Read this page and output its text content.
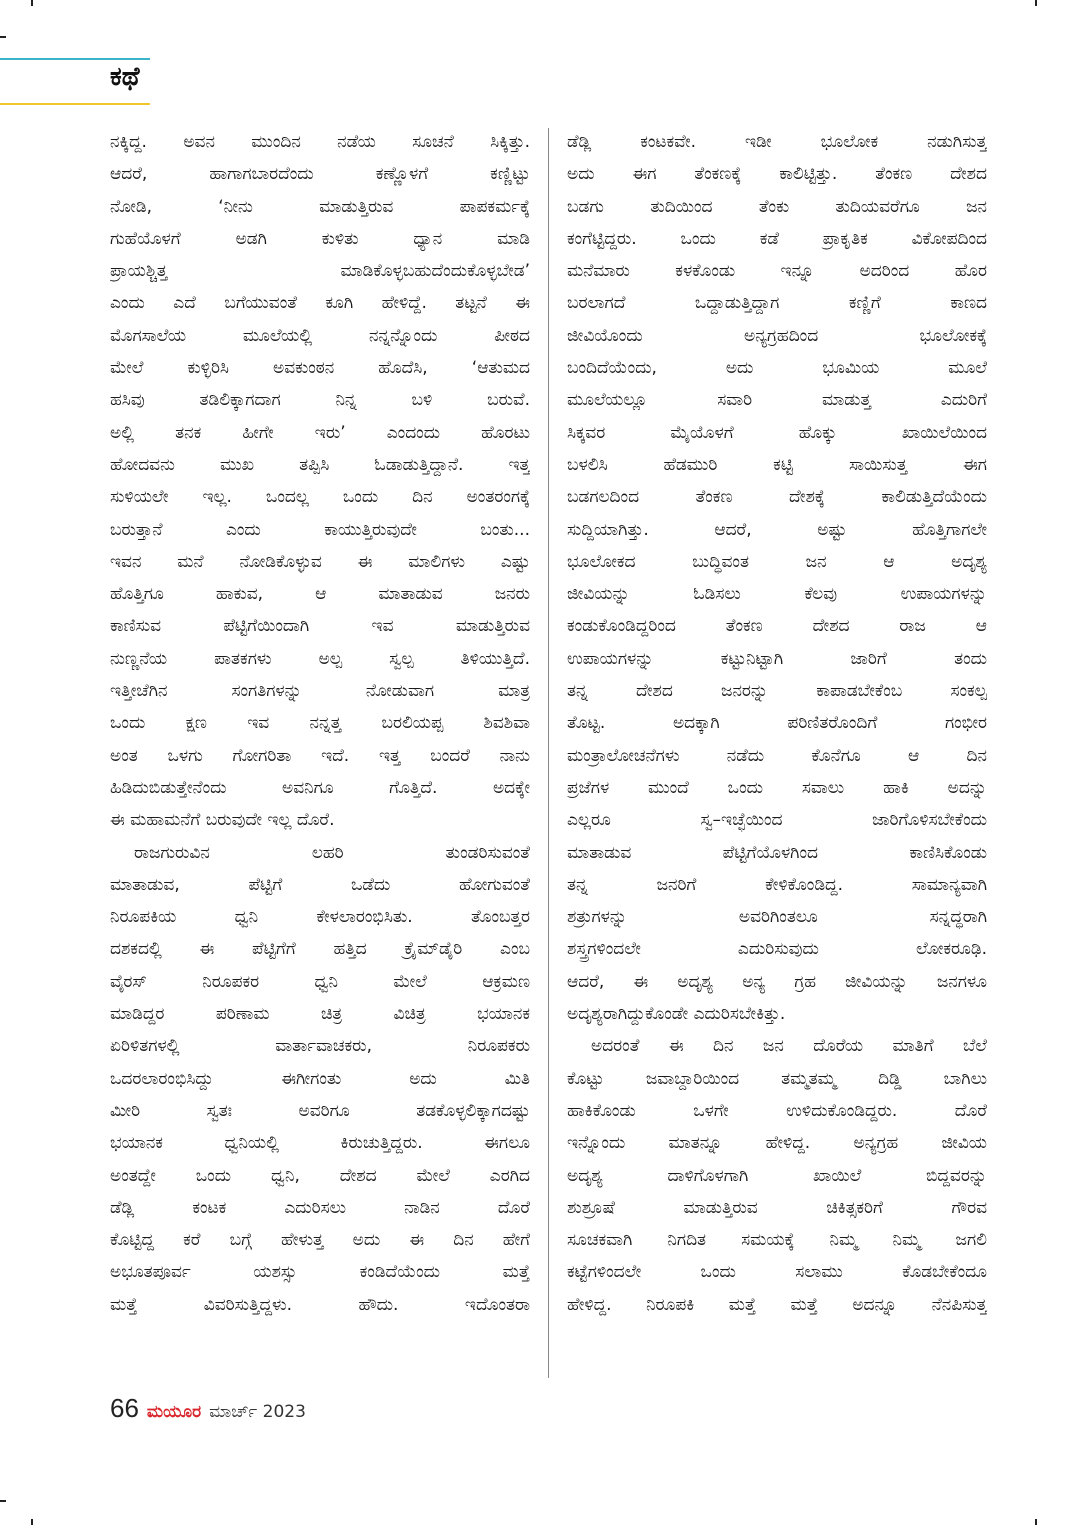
ಕಥೆ
ನಕ್ಕಿದ್ದ. ಅವನ ಮುಂದಿನ ನಡೆಯ ಸೂಚನೆ ಸಿಕ್ಕಿತ್ತು.
ಆದರೆ, ಹಾಗಾಗಬಾರದೆಂದು ಕಣ್ಣೊಳಗೆ ಕಣ್ಣಿಟ್ಟು
ನೋಡಿ, ‘ನೀನು ಮಾಡುತ್ತಿರುವ ಪಾಪಕರ್ಮಕ್ಕೆ
ಗುಹೆಯೊಳಗೆ ಅಡಗಿ ಕುಳಿತು ಧ್ಯಾನ ಮಾಡಿ
ಪ್ರಾಯಶ್ಚಿತ್ತ ಮಾಡಿಕೊಳ್ಳಬಹುದೆಂದುಕೊಳ್ಳಬೇಡ’
ಎಂದು ಎದೆ ಬಗೆಯುವಂತೆ ಕೂಗಿ ಹೇಳಿದ್ದೆ. ತಟ್ಟನೆ ಈ
ಮೊಗಸಾಲೆಯ ಮೂಲೆಯಲ್ಲಿ ನನ್ನನ್ನೊಂದು ಪೀಠದ
ಮೇಲೆ ಕುಳ್ಳಿರಿಸಿ ಅವಕುಂಠನ ಹೊದೆಸಿ, ‘ಆತುಮದ
ಹಸಿವು ತಡಿಲಿಕ್ಕಾಗದಾಗ ನಿನ್ನ ಬಳಿ ಬರುವೆ.
ಅಲ್ಲಿ ತನಕ ಹೀಗೇ ಇರು’ ಎಂದಂದು ಹೊರಟು
ಹೋದವನು ಮುಖ ತಪ್ಪಿಸಿ ಓಡಾಡುತ್ತಿದ್ದಾನೆ. ಇತ್ತ
ಸುಳಿಯಲೇ ಇಲ್ಲ. ಒಂದಲ್ಲ ಒಂದು ದಿನ ಅಂತರಂಗಕ್ಕೆ
ಬರುತ್ತಾನೆ ಎಂದು ಕಾಯುತ್ತಿರುವುದೇ ಬಂತು...
ಇವನ ಮನೆ ನೋಡಿಕೊಳ್ಳುವ ಈ ಮಾಲಿಗಳು ಎಷ್ಟು
ಹೊತ್ತಿಗೂ ಹಾಕುವ, ಆ ಮಾತಾಡುವ ಜನರು
ಕಾಣಿಸುವ ಪೆಟ್ಟಿಗೆಯಿಂದಾಗಿ ಇವ ಮಾಡುತ್ತಿರುವ
ನುಣ್ಣನೆಯ ಪಾತಕಗಳು ಅಲ್ಪ ಸ್ವಲ್ಪ ತಿಳಿಯುತ್ತಿದೆ.
ಇತ್ತೀಚೆಗಿನ ಸಂಗತಿಗಳನ್ನು ನೋಡುವಾಗ ಮಾತ್ರ
ಒಂದು ಕ್ಷಣ ಇವ ನನ್ನತ್ತ ಬರಲಿಯಪ್ಪ ಶಿವಶಿವಾ
ಅಂತ ಒಳಗು ಗೋಗರಿತಾ ಇದೆ. ಇತ್ತ ಬಂದರೆ ನಾನು
ಹಿಡಿದುಬಿಡುತ್ತೇನೆಂದು ಅವನಿಗೂ ಗೊತ್ತಿದೆ. ಅದಕ್ಕೇ
ಈ ಮಹಾಮನೆಗೆ ಬರುವುದೇ ಇಲ್ಲ ದೊರೆ.
ರಾಜಗುರುವಿನ ಲಹರಿ ತುಂಡರಿಸುವಂತೆ
ಮಾತಾಡುವ, ಪೆಟ್ಟಿಗೆ ಒಡೆದು ಹೋಗುವಂತೆ
ನಿರೂಪಕಿಯ ಧ್ವನಿ ಕೇಳಲಾರಂಭಿಸಿತು. ತೊಂಬತ್ತರ
ದಶಕದಲ್ಲಿ ಈ ಪೆಟ್ಟಿಗೆಗೆ ಹತ್ತಿದ ಕ್ರೈಮ್‌ಡೈರಿ ಎಂಬ
ವೈರಸ್ ನಿರೂಪಕರ ಧ್ವನಿ ಮೇಲೆ ಆಕ್ರಮಣ
ಮಾಡಿದ್ದರ ಪರಿಣಾಮ ಚಿತ್ರ ವಿಚಿತ್ರ ಭಯಾನಕ
ಏರಿಳಿತಗಳಲ್ಲಿ ವಾರ್ತಾವಾಚಕರು, ನಿರೂಪಕರು
ಒದರಲಾರಂಭಿಸಿದ್ದು ಈಗೀಗಂತು ಅದು ಮಿತಿ
ಮೀರಿ ಸ್ವತಃ ಅವರಿಗೂ ತಡಕೊಳ್ಳಲಿಕ್ಕಾಗದಷ್ಟು
ಭಯಾನಕ ಧ್ವನಿಯಲ್ಲಿ ಕಿರುಚುತ್ತಿದ್ದರು. ಈಗಲೂ
ಅಂತದ್ದೇ ಒಂದು ಧ್ವನಿ, ದೇಶದ ಮೇಲೆ ಎರಗಿದ
ಡೆಡ್ಲಿ ಕಂಟಕ ಎದುರಿಸಲು ನಾಡಿನ ದೊರೆ
ಕೊಟ್ಟಿದ್ದ ಕರೆ ಬಗ್ಗೆ ಹೇಳುತ್ತ ಅದು ಈ ದಿನ ಹೇಗೆ
ಅಭೂತಪೂರ್ವ ಯಶಸ್ಸು ಕಂಡಿದೆಯೆಂದು ಮತ್ತೆ
ಮತ್ತೆ ವಿವರಿಸುತ್ತಿದ್ದಳು. ಹೌದು. ಇದೊಂತರಾ
ಡೆಡ್ಲಿ ಕಂಟಕವೇ. ಇಡೀ ಭೂಲೋಕ ನಡುಗಿಸುತ್ತ
ಅದು ಈಗ ತೆಂಕಣಕ್ಕೆ ಕಾಲಿಟ್ಟಿತ್ತು. ತೆಂಕಣ ದೇಶದ
ಬಡಗು ತುದಿಯಿಂದ ತೆಂಕು ತುದಿಯವರೆಗೂ ಜನ
ಕಂಗೆಟ್ಟಿದ್ದರು. ಒಂದು ಕಡೆ ಪ್ರಾಕೃತಿಕ ವಿಕೋಪದಿಂದ
ಮನೆಮಾರು ಕಳಕೊಂಡು ಇನ್ನೂ ಅದರಿಂದ ಹೊರ
ಬರಲಾಗದೆ ಒದ್ದಾಡುತ್ತಿದ್ದಾಗ ಕಣ್ಣಿಗೆ ಕಾಣದ
ಜೀವಿಯೊಂದು ಅನ್ಯಗ್ರಹದಿಂದ ಭೂಲೋಕಕ್ಕೆ
ಬಂದಿದೆಯೆಂದು, ಅದು ಭೂಮಿಯ ಮೂಲೆ
ಮೂಲೆಯಲ್ಲೂ ಸವಾರಿ ಮಾಡುತ್ತ ಎದುರಿಗೆ
ಸಿಕ್ಕವರ ಮೈಯೊಳಗೆ ಹೊಕ್ಕು ಖಾಯಿಲೆಯಿಂದ
ಬಳಲಿಸಿ ಹೆಡಮುರಿ ಕಟ್ಟಿ ಸಾಯಿಸುತ್ತ ಈಗ
ಬಡಗಲದಿಂದ ತೆಂಕಣ ದೇಶಕ್ಕೆ ಕಾಲಿಡುತ್ತಿದೆಯೆಂದು
ಸುದ್ದಿಯಾಗಿತ್ತು. ಆದರೆ, ಅಷ್ಟು ಹೊತ್ತಿಗಾಗಲೇ
ಭೂಲೋಕದ ಬುದ್ಧಿವಂತ ಜನ ಆ ಅದೃಶ್ಯ
ಜೀವಿಯನ್ನು ಓಡಿಸಲು ಕೆಲವು ಉಪಾಯಗಳನ್ನು
ಕಂಡುಕೊಂಡಿದ್ದರಿಂದ ತೆಂಕಣ ದೇಶದ ರಾಜ ಆ
ಉಪಾಯಗಳನ್ನು ಕಟ್ಟುನಿಟ್ಟಾಗಿ ಜಾರಿಗೆ ತಂದು
ತನ್ನ ದೇಶದ ಜನರನ್ನು ಕಾಪಾಡಬೇಕೆಂಬ ಸಂಕಲ್ಪ
ತೊಟ್ಟ. ಅದಕ್ಕಾಗಿ ಪರಿಣಿತರೊಂದಿಗೆ ಗಂಭೀರ
ಮಂತ್ರಾಲೋಚನೆಗಳು ನಡೆದು ಕೊನೆಗೂ ಆ ದಿನ
ಪ್ರಜೆಗಳ ಮುಂದೆ ಒಂದು ಸವಾಲು ಹಾಕಿ ಅದನ್ನು
ಎಲ್ಲರೂ ಸ್ವ–ಇಚ್ಛೆಯಿಂದ ಜಾರಿಗೊಳಿಸಬೇಕೆಂದು
ಮಾತಾಡುವ ಪೆಟ್ಟಿಗೆಯೊಳಗಿಂದ ಕಾಣಿಸಿಕೊಂಡು
ತನ್ನ ಜನರಿಗೆ ಕೇಳಿಕೊಂಡಿದ್ದ. ಸಾಮಾನ್ಯವಾಗಿ
ಶತ್ರುಗಳನ್ನು ಅವರಿಗಿಂತಲೂ ಸನ್ನದ್ಧರಾಗಿ
ಶಸ್ತ್ರಗಳಿಂದಲೇ ಎದುರಿಸುವುದು ಲೋಕರೂಢಿ.
ಆದರೆ, ಈ ಅದೃಶ್ಯ ಅನ್ಯ ಗ್ರಹ ಜೀವಿಯನ್ನು ಜನಗಳೂ
ಅದೃಶ್ಯರಾಗಿದ್ದುಕೊಂಡೇ ಎದುರಿಸಬೇಕಿತ್ತು.
ಅದರಂತೆ ಈ ದಿನ ಜನ ದೊರೆಯ ಮಾತಿಗೆ ಬೆಲೆ
ಕೊಟ್ಟು ಜವಾಬ್ದಾರಿಯಿಂದ ತಮ್ಮತಮ್ಮ ದಿಡ್ಡಿ ಬಾಗಿಲು
ಹಾಕಿಕೊಂಡು ಒಳಗೇ ಉಳಿದುಕೊಂಡಿದ್ದರು. ದೊರೆ
ಇನ್ನೊಂದು ಮಾತನ್ನೂ ಹೇಳಿದ್ದ. ಅನ್ಯಗ್ರಹ ಜೀವಿಯ
ಅದೃಶ್ಯ ದಾಳಿಗೊಳಗಾಗಿ ಖಾಯಿಲೆ ಬಿದ್ದವರನ್ನು
ಶುಶ್ರೂಷೆ ಮಾಡುತ್ತಿರುವ ಚಿಕಿತ್ಸಕರಿಗೆ ಗೌರವ
ಸೂಚಕವಾಗಿ ನಿಗದಿತ ಸಮಯಕ್ಕೆ ನಿಮ್ಮ ನಿಮ್ಮ ಜಗಲಿ
ಕಟ್ಟೆಗಳಿಂದಲೇ ಒಂದು ಸಲಾಮು ಕೊಡಬೇಕೆಂದೂ
ಹೇಳಿದ್ದ. ನಿರೂಪಕಿ ಮತ್ತೆ ಮತ್ತೆ ಅದನ್ನೂ ನೆನಪಿಸುತ್ತ
66 ಮಯೂರ ಮಾರ್ಚ್ 2023
